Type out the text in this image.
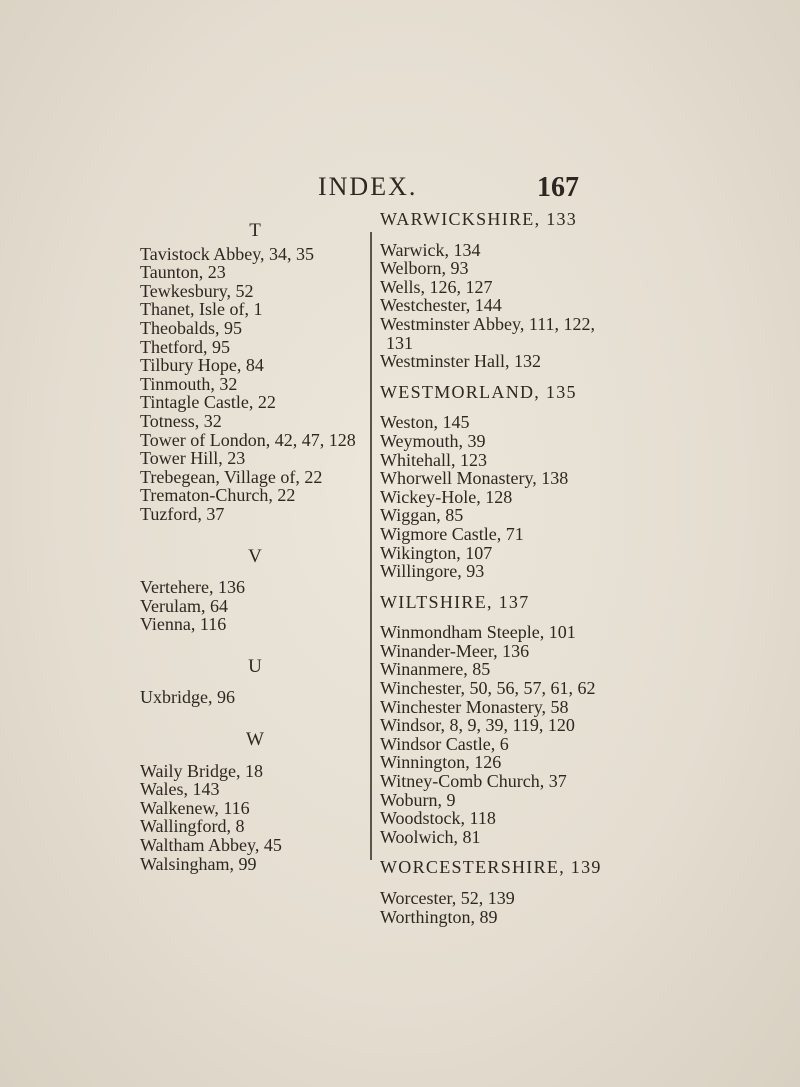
INDEX.	167
T
Tavistock Abbey, 34, 35
Taunton, 23
Tewkesbury, 52
Thanet, Isle of, 1
Theobalds, 95
Thetford, 95
Tilbury Hope, 84
Tinmouth, 32
Tintagle Castle, 22
Totness, 32
Tower of London, 42, 47, 128
Tower Hill, 23
Trebegean, Village of, 22
Trematon-Church, 22
Tuzford, 37
V
Vertehere, 136
Verulam, 64
Vienna, 116
U
Uxbridge, 96
W
Waily Bridge, 18
Wales, 143
Walkenew, 116
Wallingford, 8
Waltham Abbey, 45
Walsingham, 99
WARWICKSHIRE, 133
Warwick, 134
Welborn, 93
Wells, 126, 127
Westchester, 144
Westminster Abbey, 111, 122,
131
Westminster Hall, 132
WESTMORLAND, 135
Weston, 145
Weymouth, 39
Whitehall, 123
Whorwell Monastery, 138
Wickey-Hole, 128
Wiggan, 85
Wigmore Castle, 71
Wikington, 107
Willingore, 93
WILTSHIRE, 137
Winmondham Steeple, 101
Winander-Meer, 136
Winanmere, 85
Winchester, 50, 56, 57, 61, 62
Winchester Monastery, 58
Windsor, 8, 9, 39, 119, 120
Windsor Castle, 6
Winnington, 126
Witney-Comb Church, 37
Woburn, 9
Woodstock, 118
Woolwich, 81
WORCESTERSHIRE, 139
Worcester, 52, 139
Worthington, 89
